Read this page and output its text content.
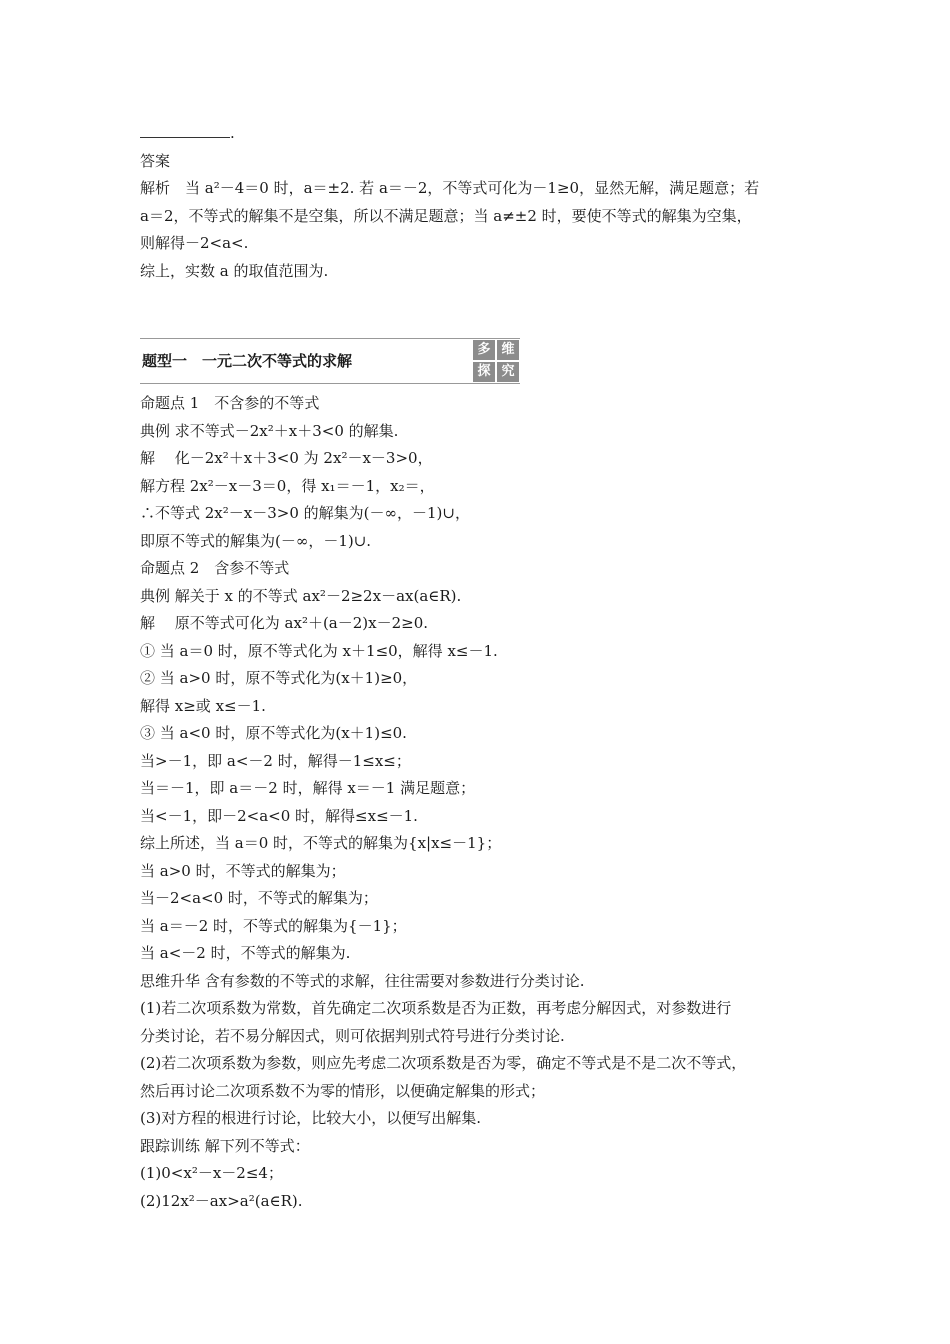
.
答案
解析　当 a²－4＝0 时，a＝±2. 若 a＝－2，不等式可化为－1≥0，显然无解，满足题意；若
a＝2，不等式的解集不是空集，所以不满足题意；当 a≠±2 时，要使不等式的解集为空集，
则解得－2<a<.
综上，实数 a 的取值范围为.
题型一　一元二次不等式的求解
多 维
探 究
命题点 1　不含参的不等式
典例 求不等式－2x²＋x＋3<0 的解集.
解　 化－2x²＋x＋3<0 为 2x²－x－3>0，
解方程 2x²－x－3＝0，得 x₁＝－1，x₂＝，
∴不等式 2x²－x－3>0 的解集为(－∞，－1)∪，
即原不等式的解集为(－∞，－1)∪.
命题点 2　含参不等式
典例 解关于 x 的不等式 ax²－2≥2x－ax(a∈R).
解　 原不等式可化为 ax²＋(a－2)x－2≥0.
① 当 a＝0 时，原不等式化为 x＋1≤0，解得 x≤－1.
② 当 a>0 时，原不等式化为(x＋1)≥0，
解得 x≥或 x≤－1.
③ 当 a<0 时，原不等式化为(x＋1)≤0.
当>－1，即 a<－2 时，解得－1≤x≤；
当＝－1，即 a＝－2 时，解得 x＝－1 满足题意；
当<－1，即－2<a<0 时，解得≤x≤－1.
综上所述，当 a＝0 时，不等式的解集为{x|x≤－1}；
当 a>0 时，不等式的解集为；
当－2<a<0 时，不等式的解集为；
当 a＝－2 时，不等式的解集为{－1}；
当 a<－2 时，不等式的解集为.
思维升华 含有参数的不等式的求解，往往需要对参数进行分类讨论.
(1)若二次项系数为常数，首先确定二次项系数是否为正数，再考虑分解因式，对参数进行
分类讨论，若不易分解因式，则可依据判别式符号进行分类讨论.
(2)若二次项系数为参数，则应先考虑二次项系数是否为零，确定不等式是不是二次不等式，
然后再讨论二次项系数不为零的情形，以便确定解集的形式；
(3)对方程的根进行讨论，比较大小，以便写出解集.
跟踪训练 解下列不等式：
(1)0<x²－x－2≤4；
(2)12x²－ax>a²(a∈R).
